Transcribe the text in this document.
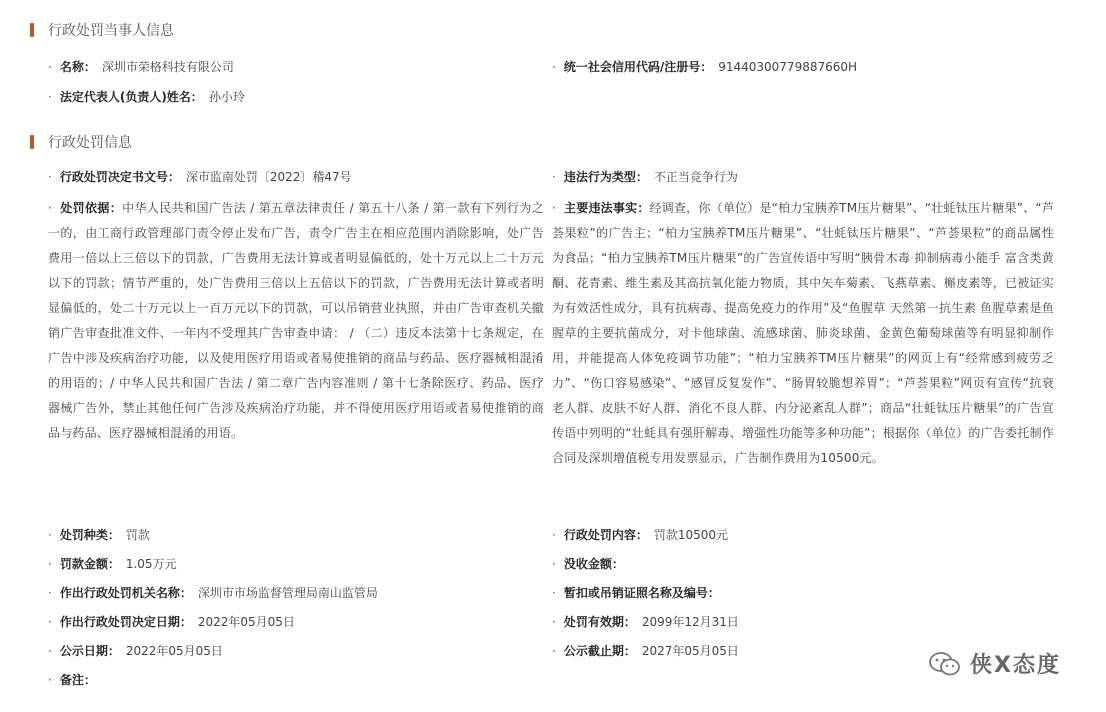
行政处罚当事人信息
· 名称： 深圳市荣格科技有限公司	· 统一社会信用代码/注册号： 91440300779887660H
· 法定代表人(负责人)姓名： 孙小玲
行政处罚信息
· 行政处罚决定书文号： 深市监南处罚〔2022〕稽47号	· 违法行为类型： 不正当竞争行为
· 处罚依据：中华人民共和国广告法 / 第五章法律责任 / 第五十八条 / 第一款有下列行为之一的，由工商行政管理部门责令停止发布广告，责令广告主在相应范围内消除影响，处广告费用一倍以上三倍以下的罚款，广告费用无法计算或者明显偏低的，处十万元以上二十万元以下的罚款；情节严重的，处广告费用三倍以上五倍以下的罚款，广告费用无法计算或者明显偏低的，处二十万元以上一百万元以下的罚款，可以吊销营业执照，并由广告审查机关撤销广告审查批准文件、一年内不受理其广告审查申请： / （二）违反本法第十七条规定，在广告中涉及疾病治疗功能，以及使用医疗用语或者易使推销的商品与药品、医疗器械相混淆的用语的；/ 中华人民共和国广告法 / 第二章广告内容准则 / 第十七条除医疗、药品、医疗器械广告外，禁止其他任何广告涉及疾病治疗功能，并不得使用医疗用语或者易使推销的商品与药品、医疗器械相混淆的用语。
· 主要违法事实：经调查，你（单位）是“柏力宝胰养TM压片糖果”、“壮蚝钛压片糖果”、“芦荟果粒”的广告主；“柏力宝胰养TM压片糖果”、“壮蚝钛压片糖果”、“芦荟果粒”的商品属性为食品；“柏力宝胰养TM压片糖果”的广告宣传语中写明“胰骨木毒 抑制病毒小能手 富含类黄酮、花青素、维生素及其高抗氧化能力物质，其中矢车菊素、飞燕草素、槲皮素等，已被证实为有效活性成分，具有抗病毒、提高免疫力的作用”及“鱼腥草 天然第一抗生素 鱼腥草素是鱼腥草的主要抗菌成分，对卡他球菌、流感球菌、肺炎球菌、金黄色葡萄球菌等有明显抑制作用，并能提高人体免疫调节功能”；“柏力宝胰养TM压片糖果”的网页上有“经常感到疲劳乏力”、“伤口容易感染”、“感冒反复发作”、“肠胃较脆想养胃”；“芦荟果粒”网页有宣传“抗衰老人群、皮肤不好人群、消化不良人群、内分泌紊乱人群”；商品“壮蚝钛压片糖果”的广告宣传语中列明的“壮蚝具有强肝解毒、增强性功能等多种功能”；根据你（单位）的广告委托制作合同及深圳增值税专用发票显示，广告制作费用为10500元。
· 处罚种类： 罚款	· 行政处罚内容： 罚款10500元
· 罚款金额： 1.05万元	· 没收金额：
· 作出行政处罚机关名称： 深圳市市场监督管理局南山监管局	· 暂扣或吊销证照名称及编号：
· 作出行政处罚决定日期： 2022年05月05日	· 处罚有效期： 2099年12月31日
· 公示日期： 2022年05月05日	· 公示截止期： 2027年05月05日
· 备注：
侠X态度
